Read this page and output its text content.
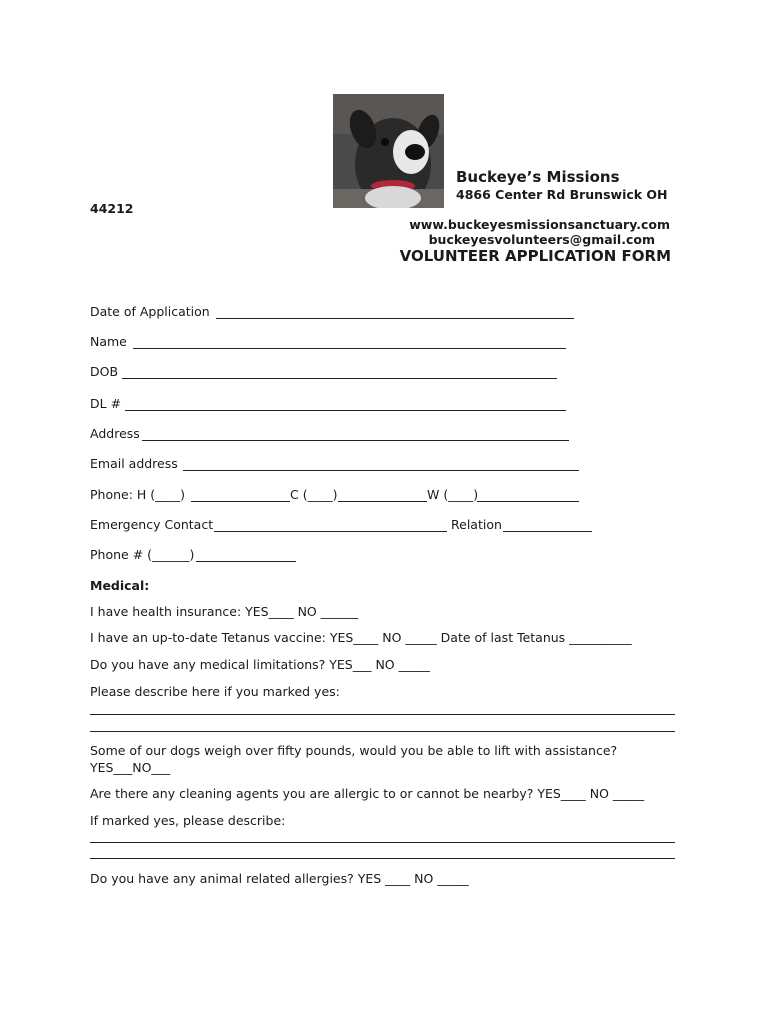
Buckeye’s Missions
4866 Center Rd Brunswick OH
44212
www.buckeyesmissionsanctuary.com
buckeyesvolunteers@gmail.com
VOLUNTEER APPLICATION FORM
Date of Application
Name
DOB
DL #
Address
Email address
Phone: H (____)	C (____)	W (____)
Emergency Contact	Relation
Phone # (______)
Medical:
I have health insurance: YES____ NO ______
I have an up-to-date Tetanus vaccine: YES____ NO _____ Date of last Tetanus __________
Do you have any medical limitations? YES___ NO _____
Please describe here if you marked yes:
Some of our dogs weigh over fifty pounds, would you be able to lift with assistance?
YES___NO___
Are there any cleaning agents you are allergic to or cannot be nearby? YES____ NO _____
If marked yes, please describe:
Do you have any animal related allergies? YES ____ NO _____
